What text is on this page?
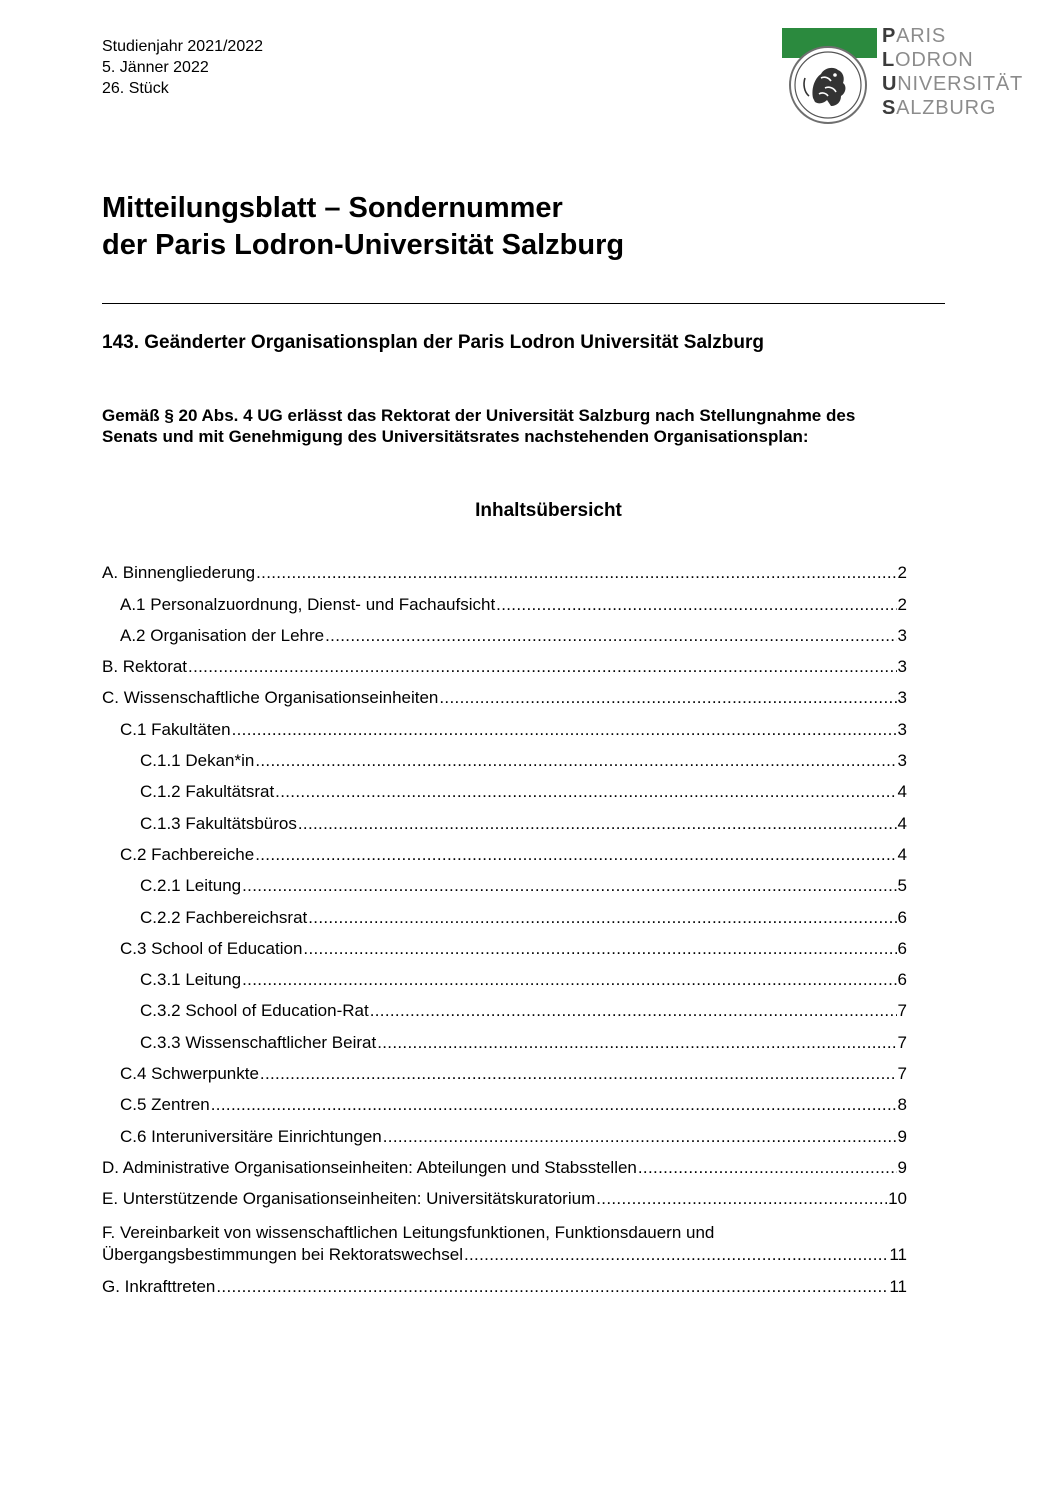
Studienjahr 2021/2022
5. Jänner 2022
26. Stück
PARIS
LODRON
UNIVERSITÄT
SALZBURG
Mitteilungsblatt – Sondernummer
der Paris Lodron-Universität Salzburg
143. Geänderter Organisationsplan der Paris Lodron Universität Salzburg
Gemäß § 20 Abs. 4 UG erlässt das Rektorat der Universität Salzburg nach Stellungnahme des
Senats und mit Genehmigung des Universitätsrates nachstehenden Organisationsplan:
Inhaltsübersicht
A. Binnengliederung . . .	2
A.1 Personalzuordnung, Dienst- und Fachaufsicht . . .	2
A.2 Organisation der Lehre . . .	3
B. Rektorat . . .	3
C. Wissenschaftliche Organisationseinheiten . . .	3
C.1 Fakultäten . . .	3
C.1.1 Dekan*in . . .	3
C.1.2 Fakultätsrat . . .	4
C.1.3 Fakultätsbüros . . .	4
C.2 Fachbereiche . . .	4
C.2.1 Leitung . . .	5
C.2.2 Fachbereichsrat . . .	6
C.3 School of Education . . .	6
C.3.1 Leitung . . .	6
C.3.2 School of Education-Rat . . .	7
C.3.3 Wissenschaftlicher Beirat . . .	7
C.4 Schwerpunkte . . .	7
C.5 Zentren . . .	8
C.6 Interuniversitäre Einrichtungen . . .	9
D. Administrative Organisationseinheiten: Abteilungen und Stabsstellen . . .	9
E. Unterstützende Organisationseinheiten: Universitätskuratorium . . .	10
F. Vereinbarkeit von wissenschaftlichen Leitungsfunktionen, Funktionsdauern und
Übergangsbestimmungen bei Rektoratswechsel . . .	11
G. Inkrafttreten . . .	11
